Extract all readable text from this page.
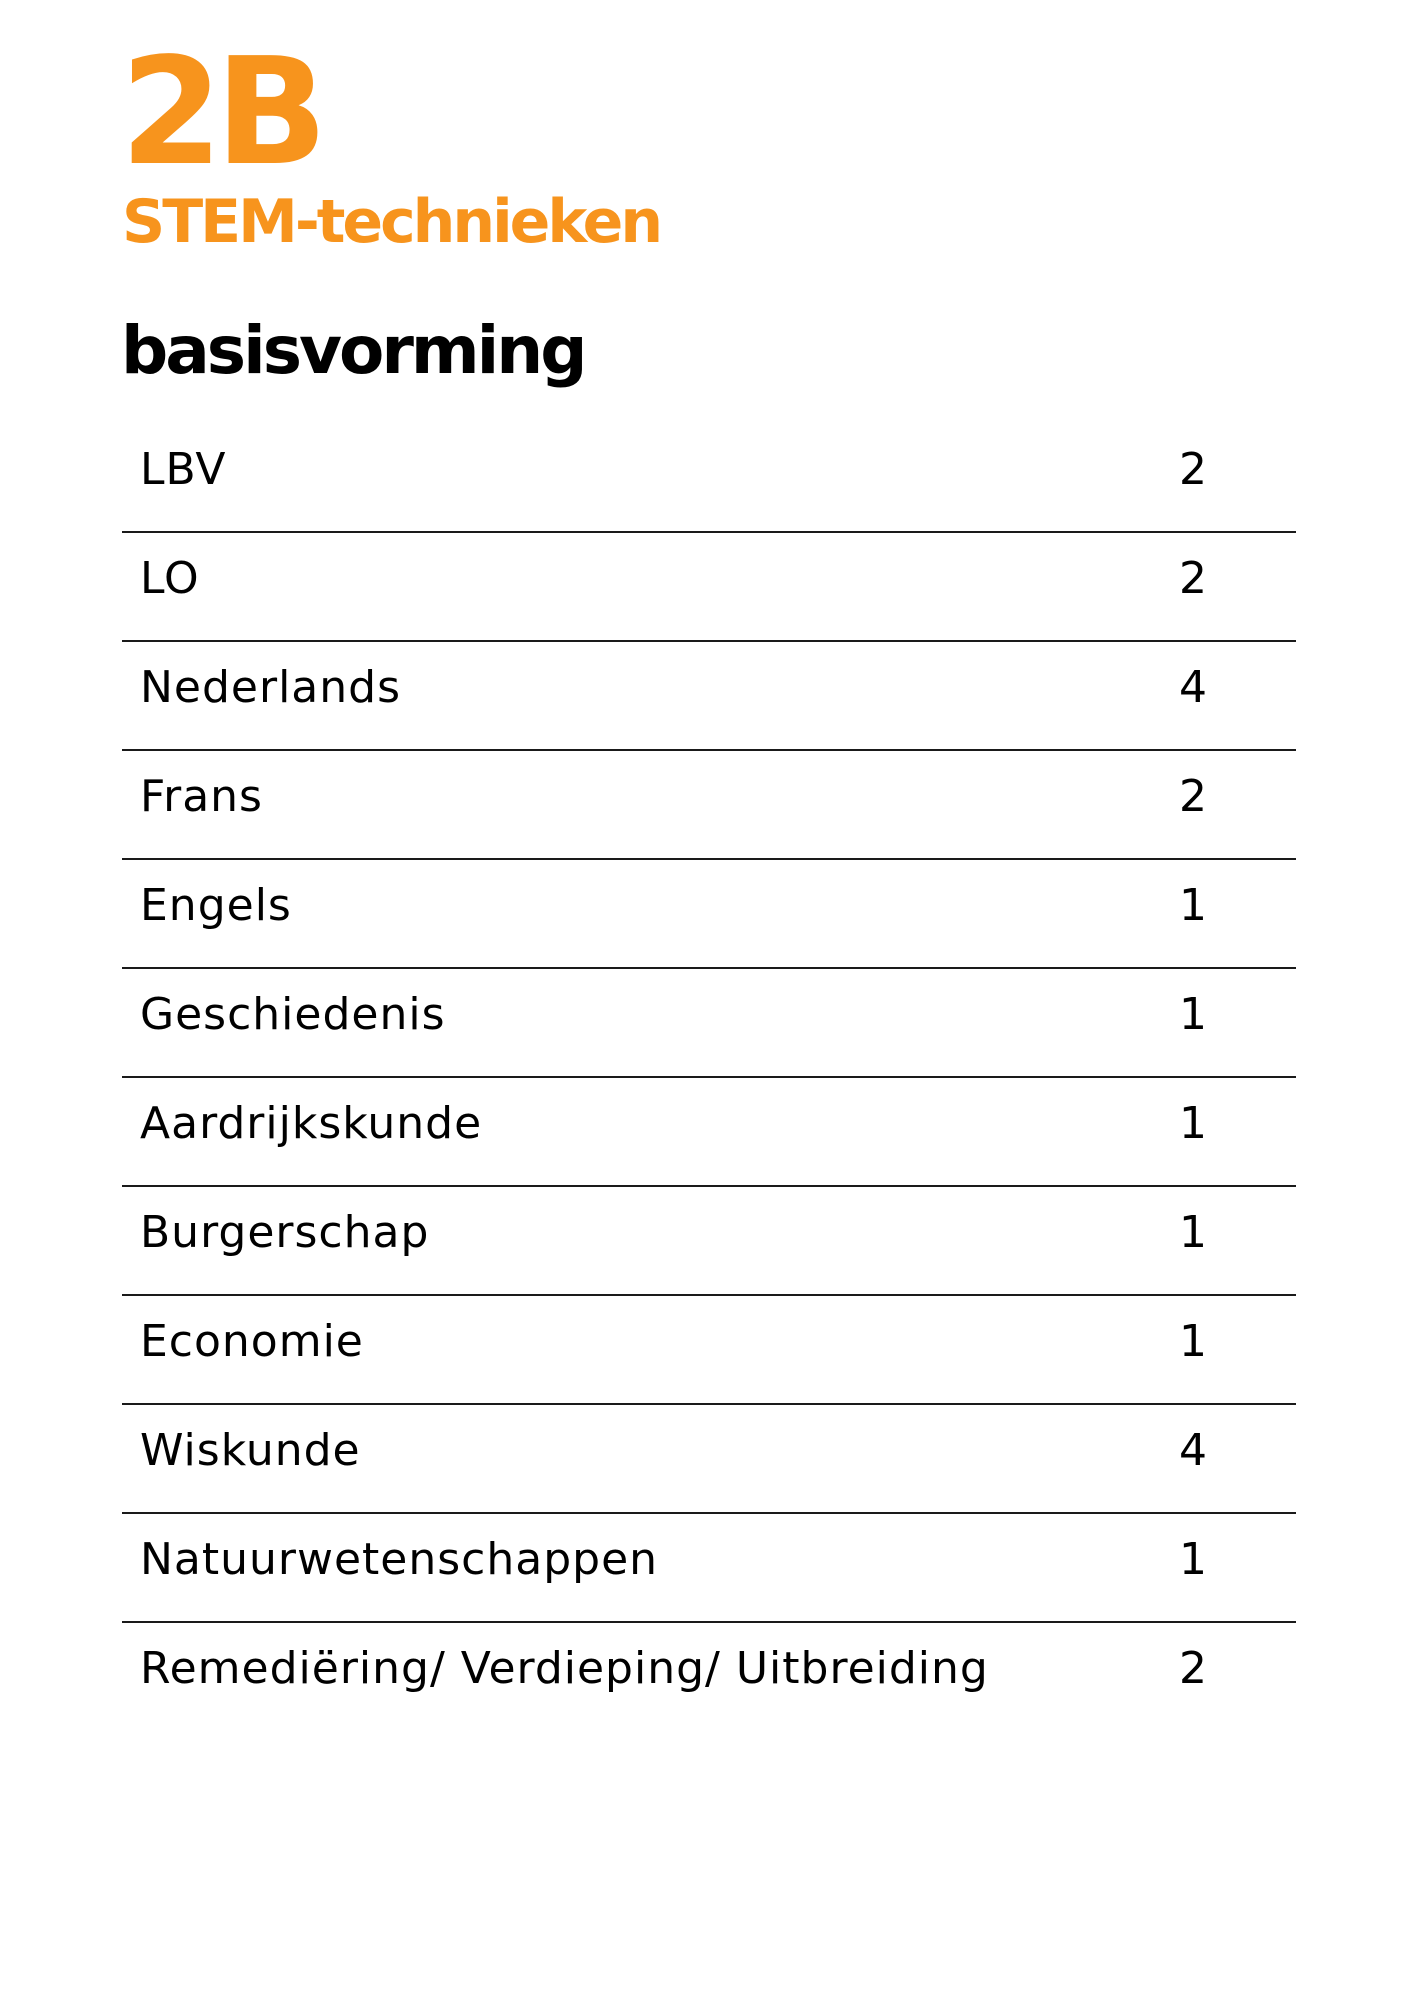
2B
STEM-technieken
basisvorming
LBV	2
LO	2
Nederlands	4
Frans	2
Engels	1
Geschiedenis	1
Aardrijkskunde	1
Burgerschap	1
Economie	1
Wiskunde	4
Natuurwetenschappen	1
Remediëring/ Verdieping/ Uitbreiding	2
